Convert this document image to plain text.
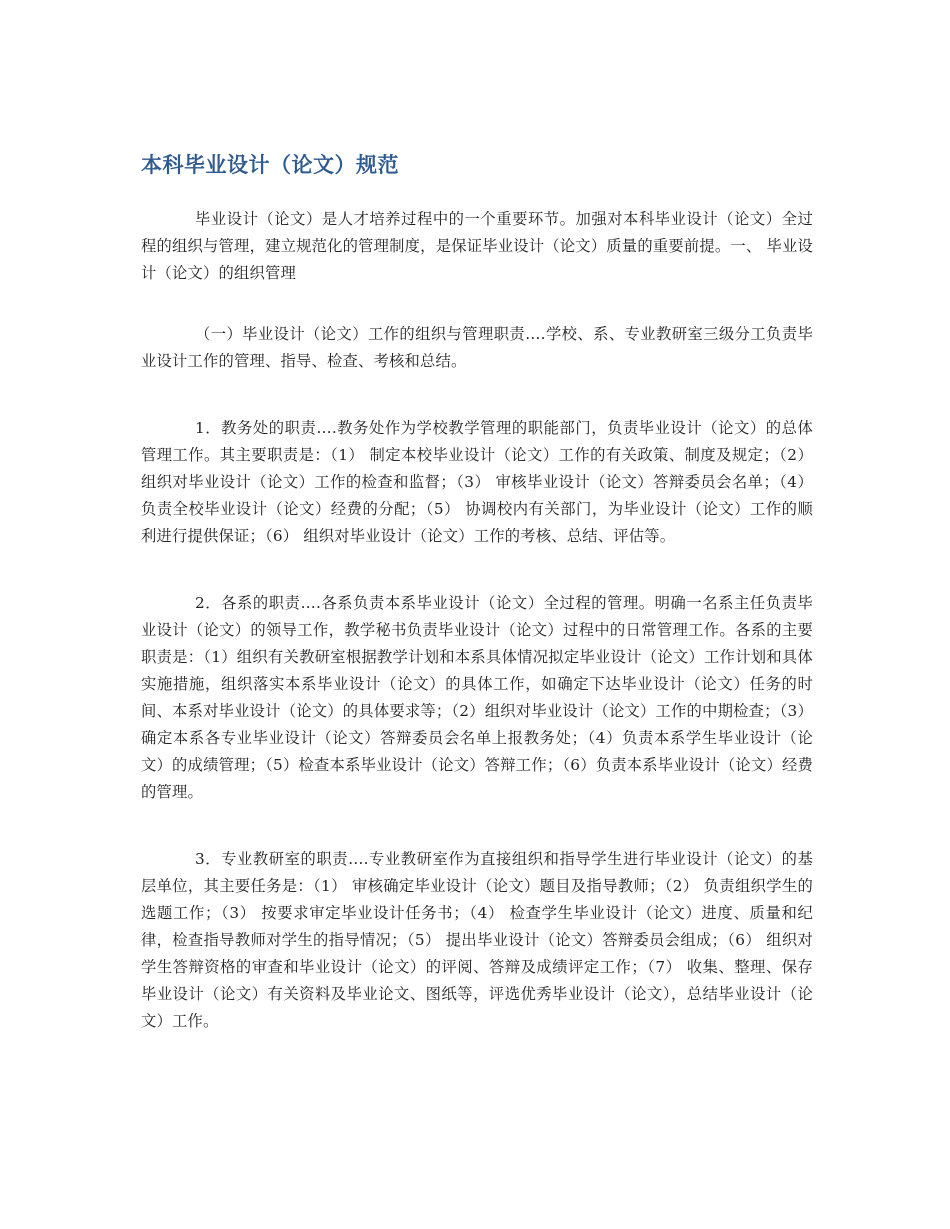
本科毕业设计（论文）规范

毕业设计（论文）是人才培养过程中的一个重要环节。加强对本科毕业设计（论文）全过程的组织与管理，建立规范化的管理制度，是保证毕业设计（论文）质量的重要前提。一、 毕业设计（论文）的组织管理

（一）毕业设计（论文）工作的组织与管理职责….学校、系、专业教研室三级分工负责毕业设计工作的管理、指导、检查、考核和总结。

1．教务处的职责….教务处作为学校教学管理的职能部门，负责毕业设计（论文）的总体管理工作。其主要职责是：（1） 制定本校毕业设计（论文）工作的有关政策、制度及规定；（2） 组织对毕业设计（论文）工作的检查和监督；（3） 审核毕业设计（论文）答辩委员会名单；（4） 负责全校毕业设计（论文）经费的分配；（5） 协调校内有关部门，为毕业设计（论文）工作的顺利进行提供保证；（6） 组织对毕业设计（论文）工作的考核、总结、评估等。

2．各系的职责….各系负责本系毕业设计（论文）全过程的管理。明确一名系主任负责毕业设计（论文）的领导工作，教学秘书负责毕业设计（论文）过程中的日常管理工作。各系的主要职责是：（1）组织有关教研室根据教学计划和本系具体情况拟定毕业设计（论文）工作计划和具体实施措施，组织落实本系毕业设计（论文）的具体工作，如确定下达毕业设计（论文）任务的时间、本系对毕业设计（论文）的具体要求等；（2）组织对毕业设计（论文）工作的中期检查；（3）确定本系各专业毕业设计（论文）答辩委员会名单上报教务处；（4）负责本系学生毕业设计（论文）的成绩管理；（5）检查本系毕业设计（论文）答辩工作；（6）负责本系毕业设计（论文）经费的管理。

3．专业教研室的职责….专业教研室作为直接组织和指导学生进行毕业设计（论文）的基层单位，其主要任务是：（1） 审核确定毕业设计（论文）题目及指导教师；（2） 负责组织学生的选题工作；（3） 按要求审定毕业设计任务书；（4） 检查学生毕业设计（论文）进度、质量和纪律，检查指导教师对学生的指导情况；（5） 提出毕业设计（论文）答辩委员会组成；（6） 组织对学生答辩资格的审查和毕业设计（论文）的评阅、答辩及成绩评定工作；（7） 收集、整理、保存毕业设计（论文）有关资料及毕业论文、图纸等，评选优秀毕业设计（论文），总结毕业设计（论文）工作。
